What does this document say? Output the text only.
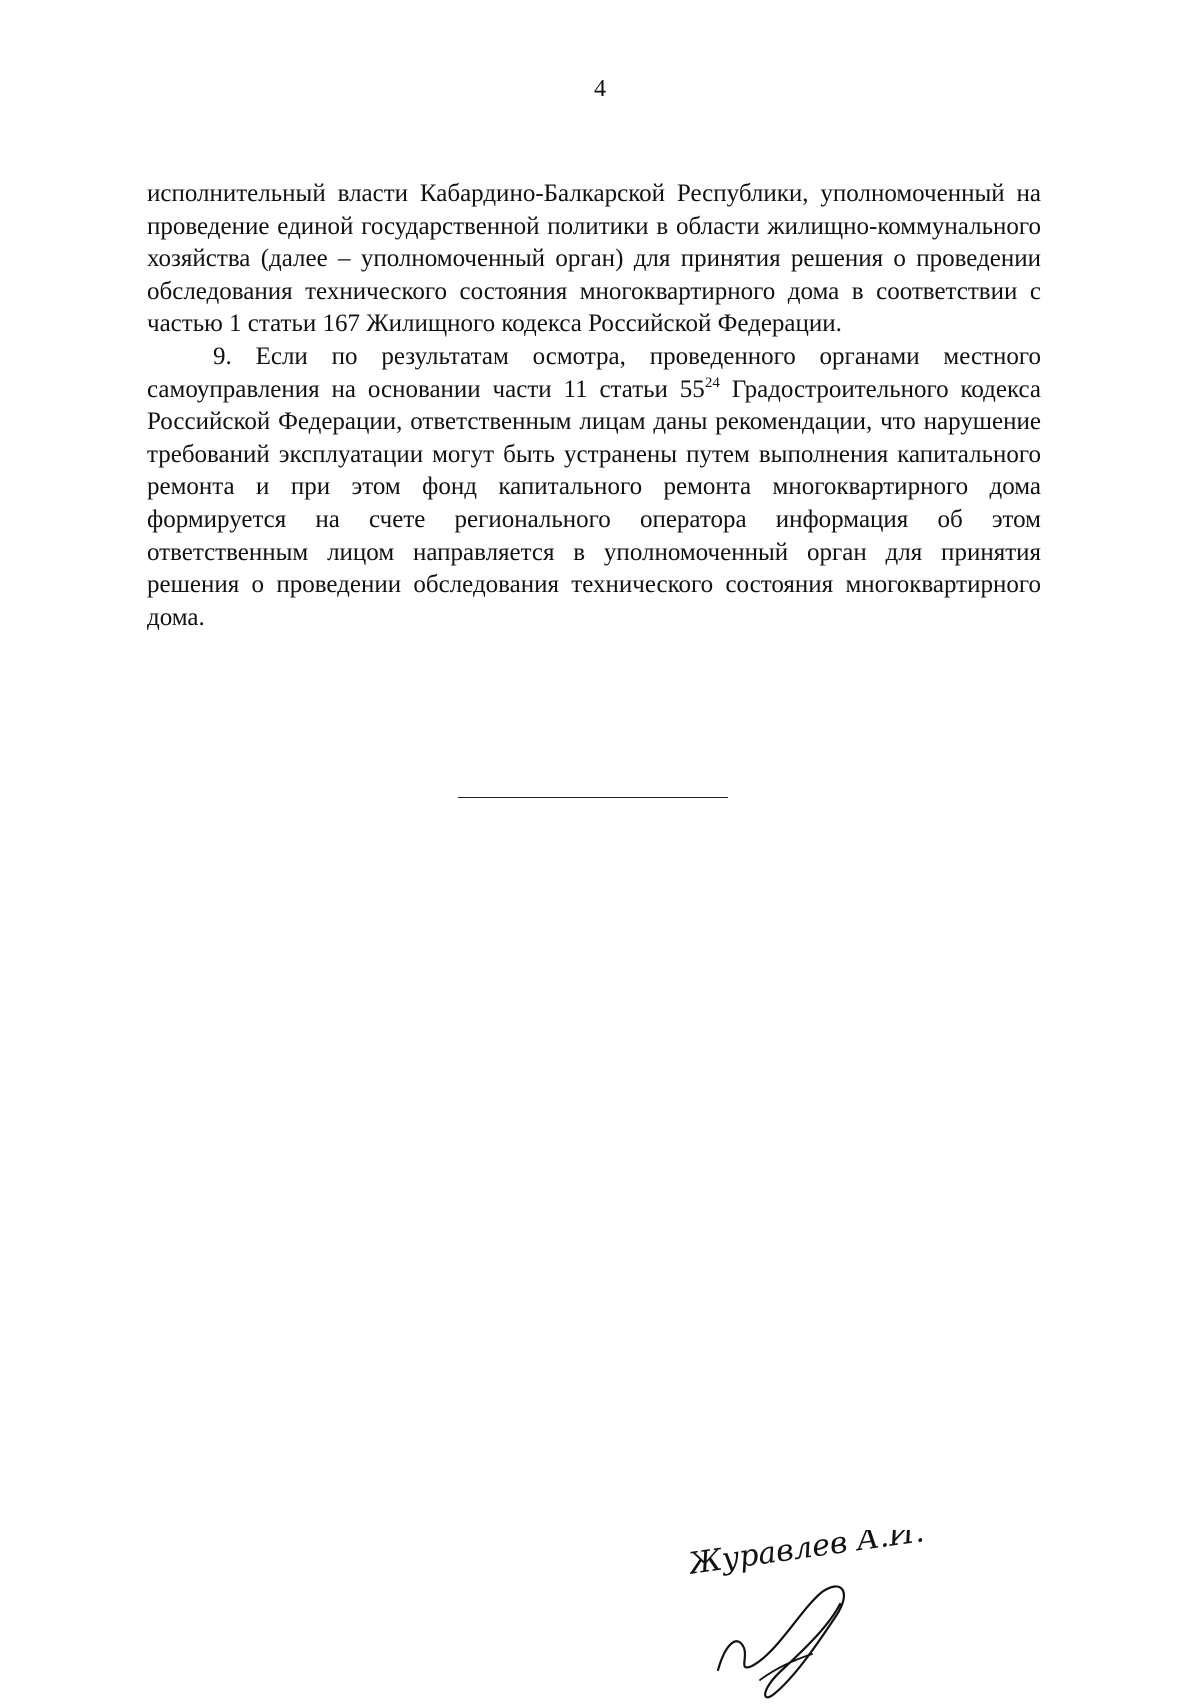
4

исполнительный власти Кабардино-Балкарской Республики, уполномоченный на проведение единой государственной политики в области жилищно-коммунального хозяйства (далее – уполномоченный орган) для принятия решения о проведении обследования технического состояния многоквартирного дома в соответствии с частью 1 статьи 167 Жилищного кодекса Российской Федерации.

9. Если по результатам осмотра, проведенного органами местного самоуправления на основании части 11 статьи $55^{24}$ Градостроительного кодекса Российской Федерации, ответственным лицам даны рекомендации, что нарушение требований эксплуатации могут быть устранены путем выполнения капитального ремонта и при этом фонд капитального ремонта многоквартирного дома формируется на счете регионального оператора информация об этом ответственным лицом направляется в уполномоченный орган для принятия решения о проведении обследования технического состояния многоквартирного дома.

Журавлев А.И.
